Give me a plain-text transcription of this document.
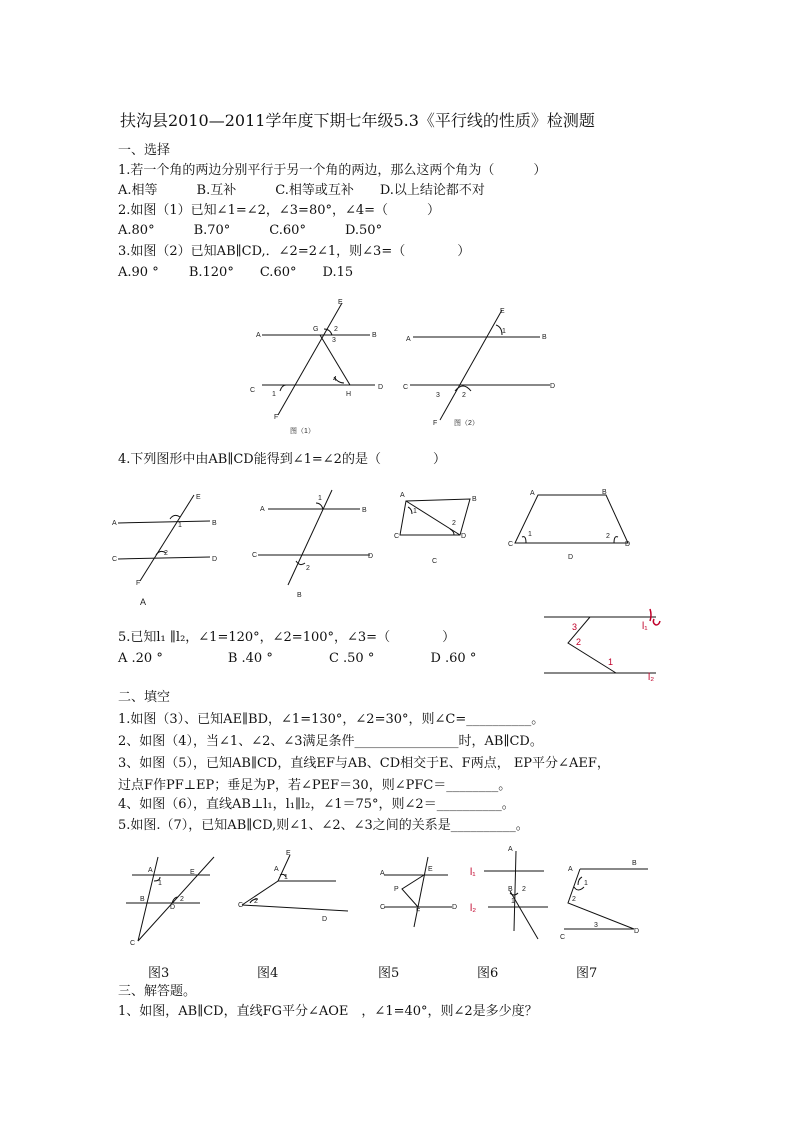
扶沟县2010—2011学年度下期七年级5.3《平行线的性质》检测题
一、选择
1.若一个角的两边分别平行于另一个角的两边，那么这两个角为（　　　）
A.相等　　　B.互补　　　C.相等或互补　　D.以上结论都不对
2.如图（1）已知∠1=∠2，∠3=80°，∠4=（　　　）
A.80°　　　B.70°　　　C.60°　　　D.50°
3.如图（2）已知AB∥CD,．∠2=2∠1，则∠3=（　　　　）
A.90 °　　 B.120°　　C.60°　　D.15
E
A	B
G 2
3
4
H
C	D
1
F
图（1）
E
A	B
1
C	D
3	2
F 图（2）
4.下列图形中由AB∥CD能得到∠1=∠2的是（　　　　）
A	B
E
C	D
1
2
F
A	B
1
C	D
2
A
B
C	D
1
2
A	B
C	D
1	2
A
B
C
D
5.已知l₁ ∥l₂，∠1=120°，∠2=100°，∠3=（　　　　）
A .20 °　　　　　B .40 °　　　　 C .50 °　　　　 D .60 °
l₁
l₂
3
2
1
二、填空
1.如图（3）、已知AE∥BD，∠1=130°，∠2=30°，则∠C=__________。
2、如图（4），当∠1、∠2、∠3满足条件________________时，AB∥CD。
3、如图（5），已知AB∥CD，直线EF与AB、CD相交于E、F两点， EP平分∠AEF，
过点F作PF⊥EP；垂足为P，若∠PEF＝30，则∠PFC＝________。
4、如图（6），直线AB⊥l₁，l₁∥l₂，∠1＝75°，则∠2＝__________。
5.如图.（7），已知AB∥CD,则∠1、∠2、∠3之间的关系是__________。
A	E
1
B
D
2
C
E
A
1
C
2
D
A
E
P
C
F
D
A
B 2
1
A
B
1
2
3
C
D
l₁
l₂
图3	图4	图5	图6	图7
三、解答题。
1、如图，AB∥CD，直线FG平分∠AOE　，∠1=40°，则∠2是多少度？
